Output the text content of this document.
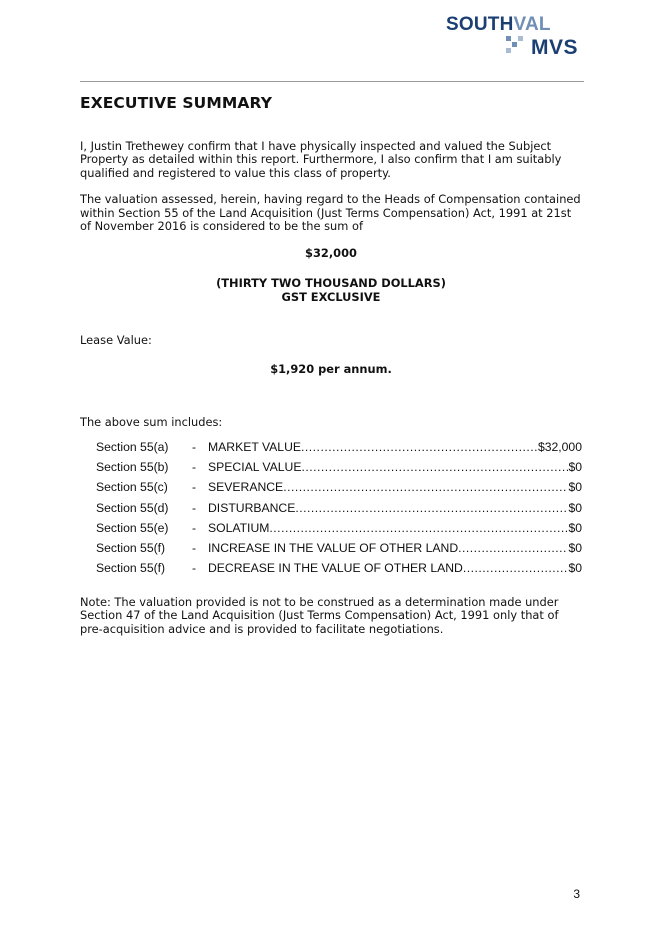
SOUTHVAL
MVS
EXECUTIVE SUMMARY

I, Justin Trethewey confirm that I have physically inspected and valued the Subject Property as detailed within this report. Furthermore, I also confirm that I am suitably qualified and registered to value this class of property.

The valuation assessed, herein, having regard to the Heads of Compensation contained within Section 55 of the Land Acquisition (Just Terms Compensation) Act, 1991 at 21st of November 2016 is considered to be the sum of

$32,000
(THIRTY TWO THOUSAND DOLLARS)
GST EXCLUSIVE

Lease Value:

$1,920 per annum.

The above sum includes:

Section 55(a)	- MARKET VALUE .....	$32,000
Section 55(b)	- SPECIAL VALUE .....	$0
Section 55(c)	- SEVERANCE .....	$0
Section 55(d)	- DISTURBANCE .....	$0
Section 55(e)	- SOLATIUM .....	$0
Section 55(f)	- INCREASE IN THE VALUE OF OTHER LAND .....	$0
Section 55(f)	- DECREASE IN THE VALUE OF OTHER LAND .....	$0

Note: The valuation provided is not to be construed as a determination made under Section 47 of the Land Acquisition (Just Terms Compensation) Act, 1991 only that of pre-acquisition advice and is provided to facilitate negotiations.

3
